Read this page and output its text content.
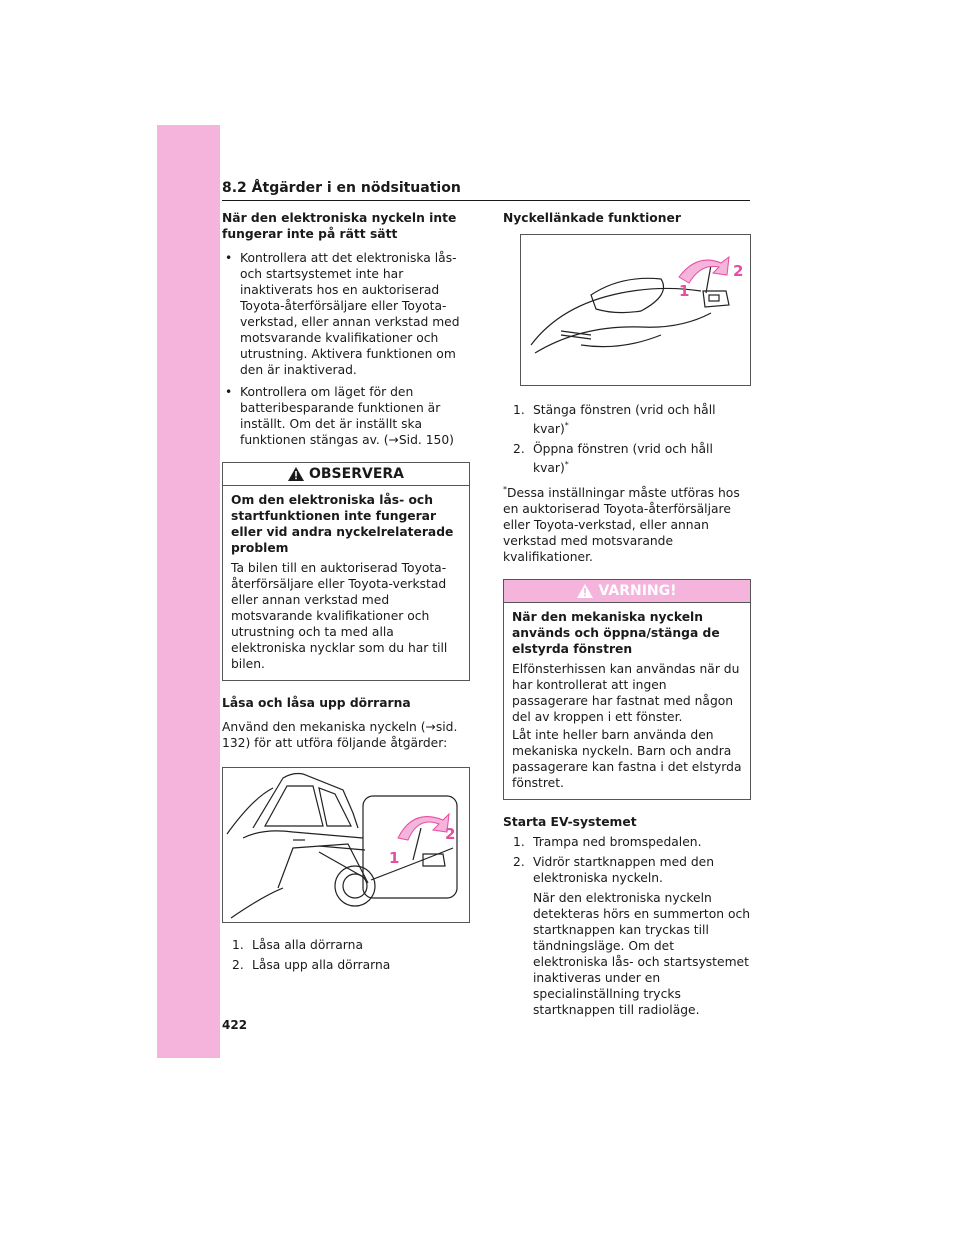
8.2 Åtgärder i en nödsituation
När den elektroniska nyckeln inte fungerar inte på rätt sätt
• Kontrollera att det elektroniska lås-och startsystemet inte har inaktiverats hos en auktoriserad Toyota-återförsäljare eller Toyota-verkstad, eller annan verkstad med motsvarande kvalifikationer och utrustning. Aktivera funktionen om den är inaktiverad.
• Kontrollera om läget för den batteribesparande funktionen är inställt. Om det är inställt ska funktionen stängas av. (→Sid. 150)
OBSERVERA
Om den elektroniska lås- och startfunktionen inte fungerar eller vid andra nyckelrelaterade problem

Ta bilen till en auktoriserad Toyota-återförsäljare eller Toyota-verkstad eller annan verkstad med motsvarande kvalifikationer och utrustning och ta med alla elektroniska nycklar som du har till bilen.

Låsa och låsa upp dörrarna

Använd den mekaniska nyckeln (→sid. 132) för att utföra följande åtgärder:

2
1
1. Låsa alla dörrarna
2. Låsa upp alla dörrarna
Nyckellänkade funktioner
2
1
1. Stänga fönstren (vrid och håll kvar)*
2. Öppna fönstren (vrid och håll kvar)*

*Dessa inställningar måste utföras hos en auktoriserad Toyota-återförsäljare eller Toyota-verkstad, eller annan verkstad med motsvarande kvalifikationer.

VARNING!
När den mekaniska nyckeln används och öppna/stänga de elstyrda fönstren

Elfönsterhissen kan användas när du har kontrollerat att ingen passagerare har fastnat med någon del av kroppen i ett fönster.

Låt inte heller barn använda den mekaniska nyckeln. Barn och andra passagerare kan fastna i det elstyrda fönstret.

Starta EV-systemet
1. Trampa ned bromspedalen.
2. Vidrör startknappen med den elektroniska nyckeln.

När den elektroniska nyckeln detekteras hörs en summerton och startknappen kan tryckas till tändningsläge. Om det elektroniska lås- och startsystemet inaktiveras under en specialinställning trycks startknappen till radioläge.

422
